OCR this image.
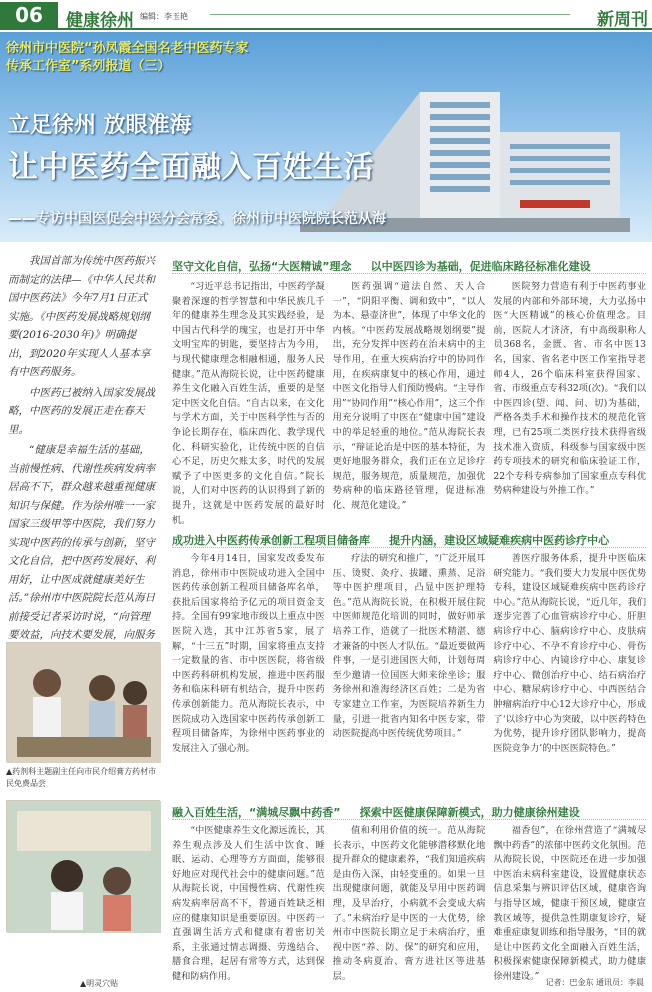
06	健康徐州 编辑：李玉艳	新周刊
徐州市中医院“孙凤霞全国名老中医药专家传承工作室”系列报道（三）
立足徐州 放眼淮海
让中医药全面融入百姓生活
——专访中国医促会中医分会常委、徐州市中医院院长范从海

我国首部为传统中医药振兴而制定的法律—《中华人民共和国中医药法》今年7月1日正式实施。《中医药发展战略规划纲要(2016-2030年)》明确提出，到2020年实现人人基本享有中医药服务。

中医药已被纳入国家发展战略，中医药的发展正走在春天里。

“健康是幸福生活的基础，当前慢性病、代谢性疾病发病率居高不下，群众越来越重视健康知识与保健。作为徐州唯一一家国家三级甲等中医院，我们努力实现中医药的传承与创新，坚守文化自信，把中医药发展好、利用好，让中医成就健康美好生活。”徐州市中医院院长范从海日前接受记者采访时说，“向管理要效益，向技术要发展，向服务

▲药剂科主题副主任向市民介绍膏方药材市民免费品尝
▲明灵穴贴
坚守文化自信，弘扬“大医精诚”理念 以中医四诊为基础，促进临床路径标准化建设

“习近平总书记指出，中医药学凝聚着深邃的哲学智慧和中华民族几千年的健康养生理念及其实践经验，是中国古代科学的瑰宝，也是打开中华文明宝库的钥匙，要坚持古为今用，与现代健康理念相融相通，服务人民健康。”范从海院长说，让中医药健康养生文化融入百姓生活，重要的是坚定中医文化自信。“自古以来，在文化与学术方面，关于中医科学性与否的争论长期存在，临床西化、教学现代化、科研实验化，让传统中医的自信心不足，历史欠账太多，时代的发展赋予了中医更多的文化自信。”院长说，人们对中医药的认识得到了新的提升，这就是中医药发展的最好时机。

医药强调“道法自然、天人合一”，“阴阳平衡、调和致中”，“以人为本、悬壶济世”，体现了中华文化的内核。“中医药发展战略规划纲要”提出，充分发挥中医药在治未病中的主导作用，在重大疾病治疗中的协同作用，在疾病康复中的核心作用，通过中医文化指导人们预防慢病。“主导作用”“协同作用”“核心作用”，这三个作用充分说明了中医在“健康中国”建设中的举足轻重的地位。”范从海院长表示，“辩证论治是中医的基本特征，为更好地服务群众，我们正在立足诊疗规范，服务规范，质量规范，加强优势病种的临床路径管理，促进标准化、规范化建设。”

医院努力营造有利于中医药事业发展的内部和外部环境，大力弘扬中医“大医精诚”的核心价值理念。目前，医院人才济济，有中高级职称人员368名，金匮、省、市名中医13名，国家、省名老中医工作室指导老师4人，26个临床科室获得国家、省、市级重点专科32项(次)。“我们以中医四诊(望、闻、问、切)为基础，严格各类手术和操作技术的规范化管理，已有25项二类医疗技术获得省级技术准入资质，科级参与国家级中医药专项技术的研究和临床验证工作，22个专科专病参加了国家重点专科优势病种建设与外推工作。”

成功进入中医药传承创新工程项目储备库 提升内涵，建设区域疑难疾病中医药诊疗中心

今年4月14日，国家发改委发布消息，徐州市中医院成功进入全国中医药传承创新工程项目储备库名单，获批后国家将给予亿元的项目资金支持。全国有99家地市级以上重点中医医院入选，其中江苏省5家，展了解，“十三五”时期，国家将重点支持一定数量的省、市中医医院，将省级中医药科研机构发展，推进中医药服务和临床科研有机结合，提升中医药传承创新能力。范从海院长表示，中医院成功入选国家中医药传承创新工程项目储备库，为徐州中医药事业的发展注入了强心剂。

疗法的研究和推广，“广泛开展耳压、烫熨、灸疗、拔罐、熏蒸、足浴等中医护理项目，凸显中医护理特色。”范从海院长说，在积极开展住院中医师规范化培训的同时，做好师承培养工作，造就了一批医术精湛、德才兼备的中医人才队伍。“最近要做两件事，一是引进国医大师，计划每周至少邀请一位国医大师来徐坐诊；服务徐州和淮海经济区百姓；二是为省专家建立工作室，为医院培养新生力量，引进一批省内知名中医专家，带动医院提高中医传统优势项目。”

善医疗服务体系，提升中医临床研究能力。“我们要大力发展中医优势专科，建设区域疑难疾病中医药诊疗中心。”范从海院长说，“近几年，我们逐步完善了心血管病诊疗中心、肝胆病诊疗中心、脑病诊疗中心、皮肤病诊疗中心、不孕不育诊疗中心、骨伤病诊疗中心、内镜诊疗中心、康复诊疗中心、微创治疗中心、结石病治疗中心、糖尿病诊疗中心、中西医结合肿瘤病治疗中心12大诊疗中心，形成了‘以诊疗中心为突破，以中医药特色为优势，提升诊疗团队影响力，提高医院竞争力’的中医医院特色。”

融入百姓生活，“满城尽飘中药香” 探索中医健康保障新模式，助力健康徐州建设

“中医健康养生文化源远流长，其养生观点涉及人们生活中饮食、睡眠、运动、心理等方方面面，能够很好地应对现代社会中的健康问题。”范从海院长说，中国慢性病、代谢性疾病发病率居高不下，普通百姓缺乏相应的健康知识是重要原因。中医药一直强调生活方式和健康有着密切关系，主张通过情志调摄、劳逸结合、膳食合理，起居有常等方式，达到保健和防病作用。

值和利用价值的统一。范从海院长表示，中医药文化能够潜移默化地提升群众的健康素养，“我们知道疾病是由伤入深，由轻变重的。如果一旦出现健康问题，就能及早用中医药调理，及早治疗，小病就不会变成大病了。”未病治疗是中医的一大优势，徐州市中医院长期立足于未病治疗，重视中医“养、防、保”的研究和应用，推动冬病夏治、膏方进社区等进基层。

福香包”，在徐州营造了“满城尽飘中药香”的浓郁中医药文化氛围。范从海院长说，中医院还在进一步加强中医治未病科室建设，设置健康状态信息采集与辨识评估区域，健康咨询与指导区域，健康干预区域，健康宣教区域等，提供急性期康复诊疗，疑难重症康复训练和指导服务，“目的就是让中医药文化全面融入百姓生活，积极探索健康保障新模式，助力健康徐州建设。”

记者：巴金东 通讯员：李晨
